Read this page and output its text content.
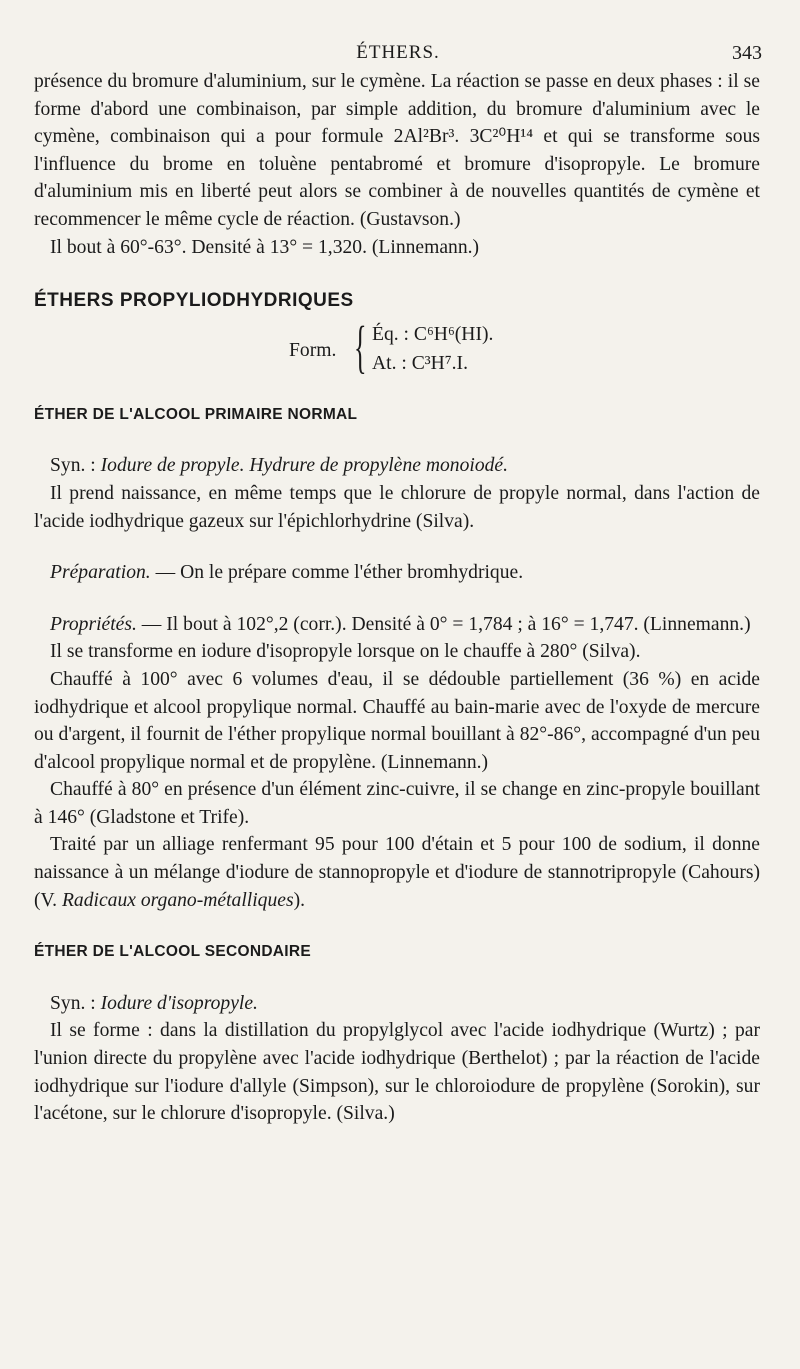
ÉTHERS.	343

présence du bromure d'aluminium, sur le cymène. La réaction se passe en deux phases : il se forme d'abord une combinaison, par simple addition, du bromure d'aluminium avec le cymène, combinaison qui a pour formule 2Al²Br³. 3C²⁰H¹⁴ et qui se transforme sous l'influence du brome en toluène pentabromé et bromure d'isopropyle. Le bromure d'aluminium mis en liberté peut alors se combiner à de nouvelles quantités de cymène et recommencer le même cycle de réaction. (Gustavson.)

Il bout à 60°-63°. Densité à 13° = 1,320. (Linnemann.)

ÉTHERS PROPYLIODHYDRIQUES

Form. { Éq. : C⁶H⁶(HI).
At. : C³H⁷.I.

ÉTHER DE L'ALCOOL PRIMAIRE NORMAL

Syn. : Iodure de propyle. Hydrure de propylène monoiodé.

Il prend naissance, en même temps que le chlorure de propyle normal, dans l'action de l'acide iodhydrique gazeux sur l'épichlorhydrine (Silva).

Préparation. — On le prépare comme l'éther bromhydrique.

Propriétés. — Il bout à 102°,2 (corr.). Densité à 0° = 1,784 ; à 16° = 1,747. (Linnemann.)

Il se transforme en iodure d'isopropyle lorsque on le chauffe à 280° (Silva).

Chauffé à 100° avec 6 volumes d'eau, il se dédouble partiellement (36 %) en acide iodhydrique et alcool propylique normal. Chauffé au bain-marie avec de l'oxyde de mercure ou d'argent, il fournit de l'éther propylique normal bouillant à 82°-86°, accompagné d'un peu d'alcool propylique normal et de propylène. (Linnemann.)

Chauffé à 80° en présence d'un élément zinc-cuivre, il se change en zinc-propyle bouillant à 146° (Gladstone et Trife).

Traité par un alliage renfermant 95 pour 100 d'étain et 5 pour 100 de sodium, il donne naissance à un mélange d'iodure de stannopropyle et d'iodure de stannotripropyle (Cahours) (V. Radicaux organo-métalliques).

ÉTHER DE L'ALCOOL SECONDAIRE

Syn. : Iodure d'isopropyle.

Il se forme : dans la distillation du propylglycol avec l'acide iodhydrique (Wurtz) ; par l'union directe du propylène avec l'acide iodhydrique (Berthelot) ; par la réaction de l'acide iodhydrique sur l'iodure d'allyle (Simpson), sur le chloroiodure de propylène (Sorokin), sur l'acétone, sur le chlorure d'isopropyle. (Silva.)
